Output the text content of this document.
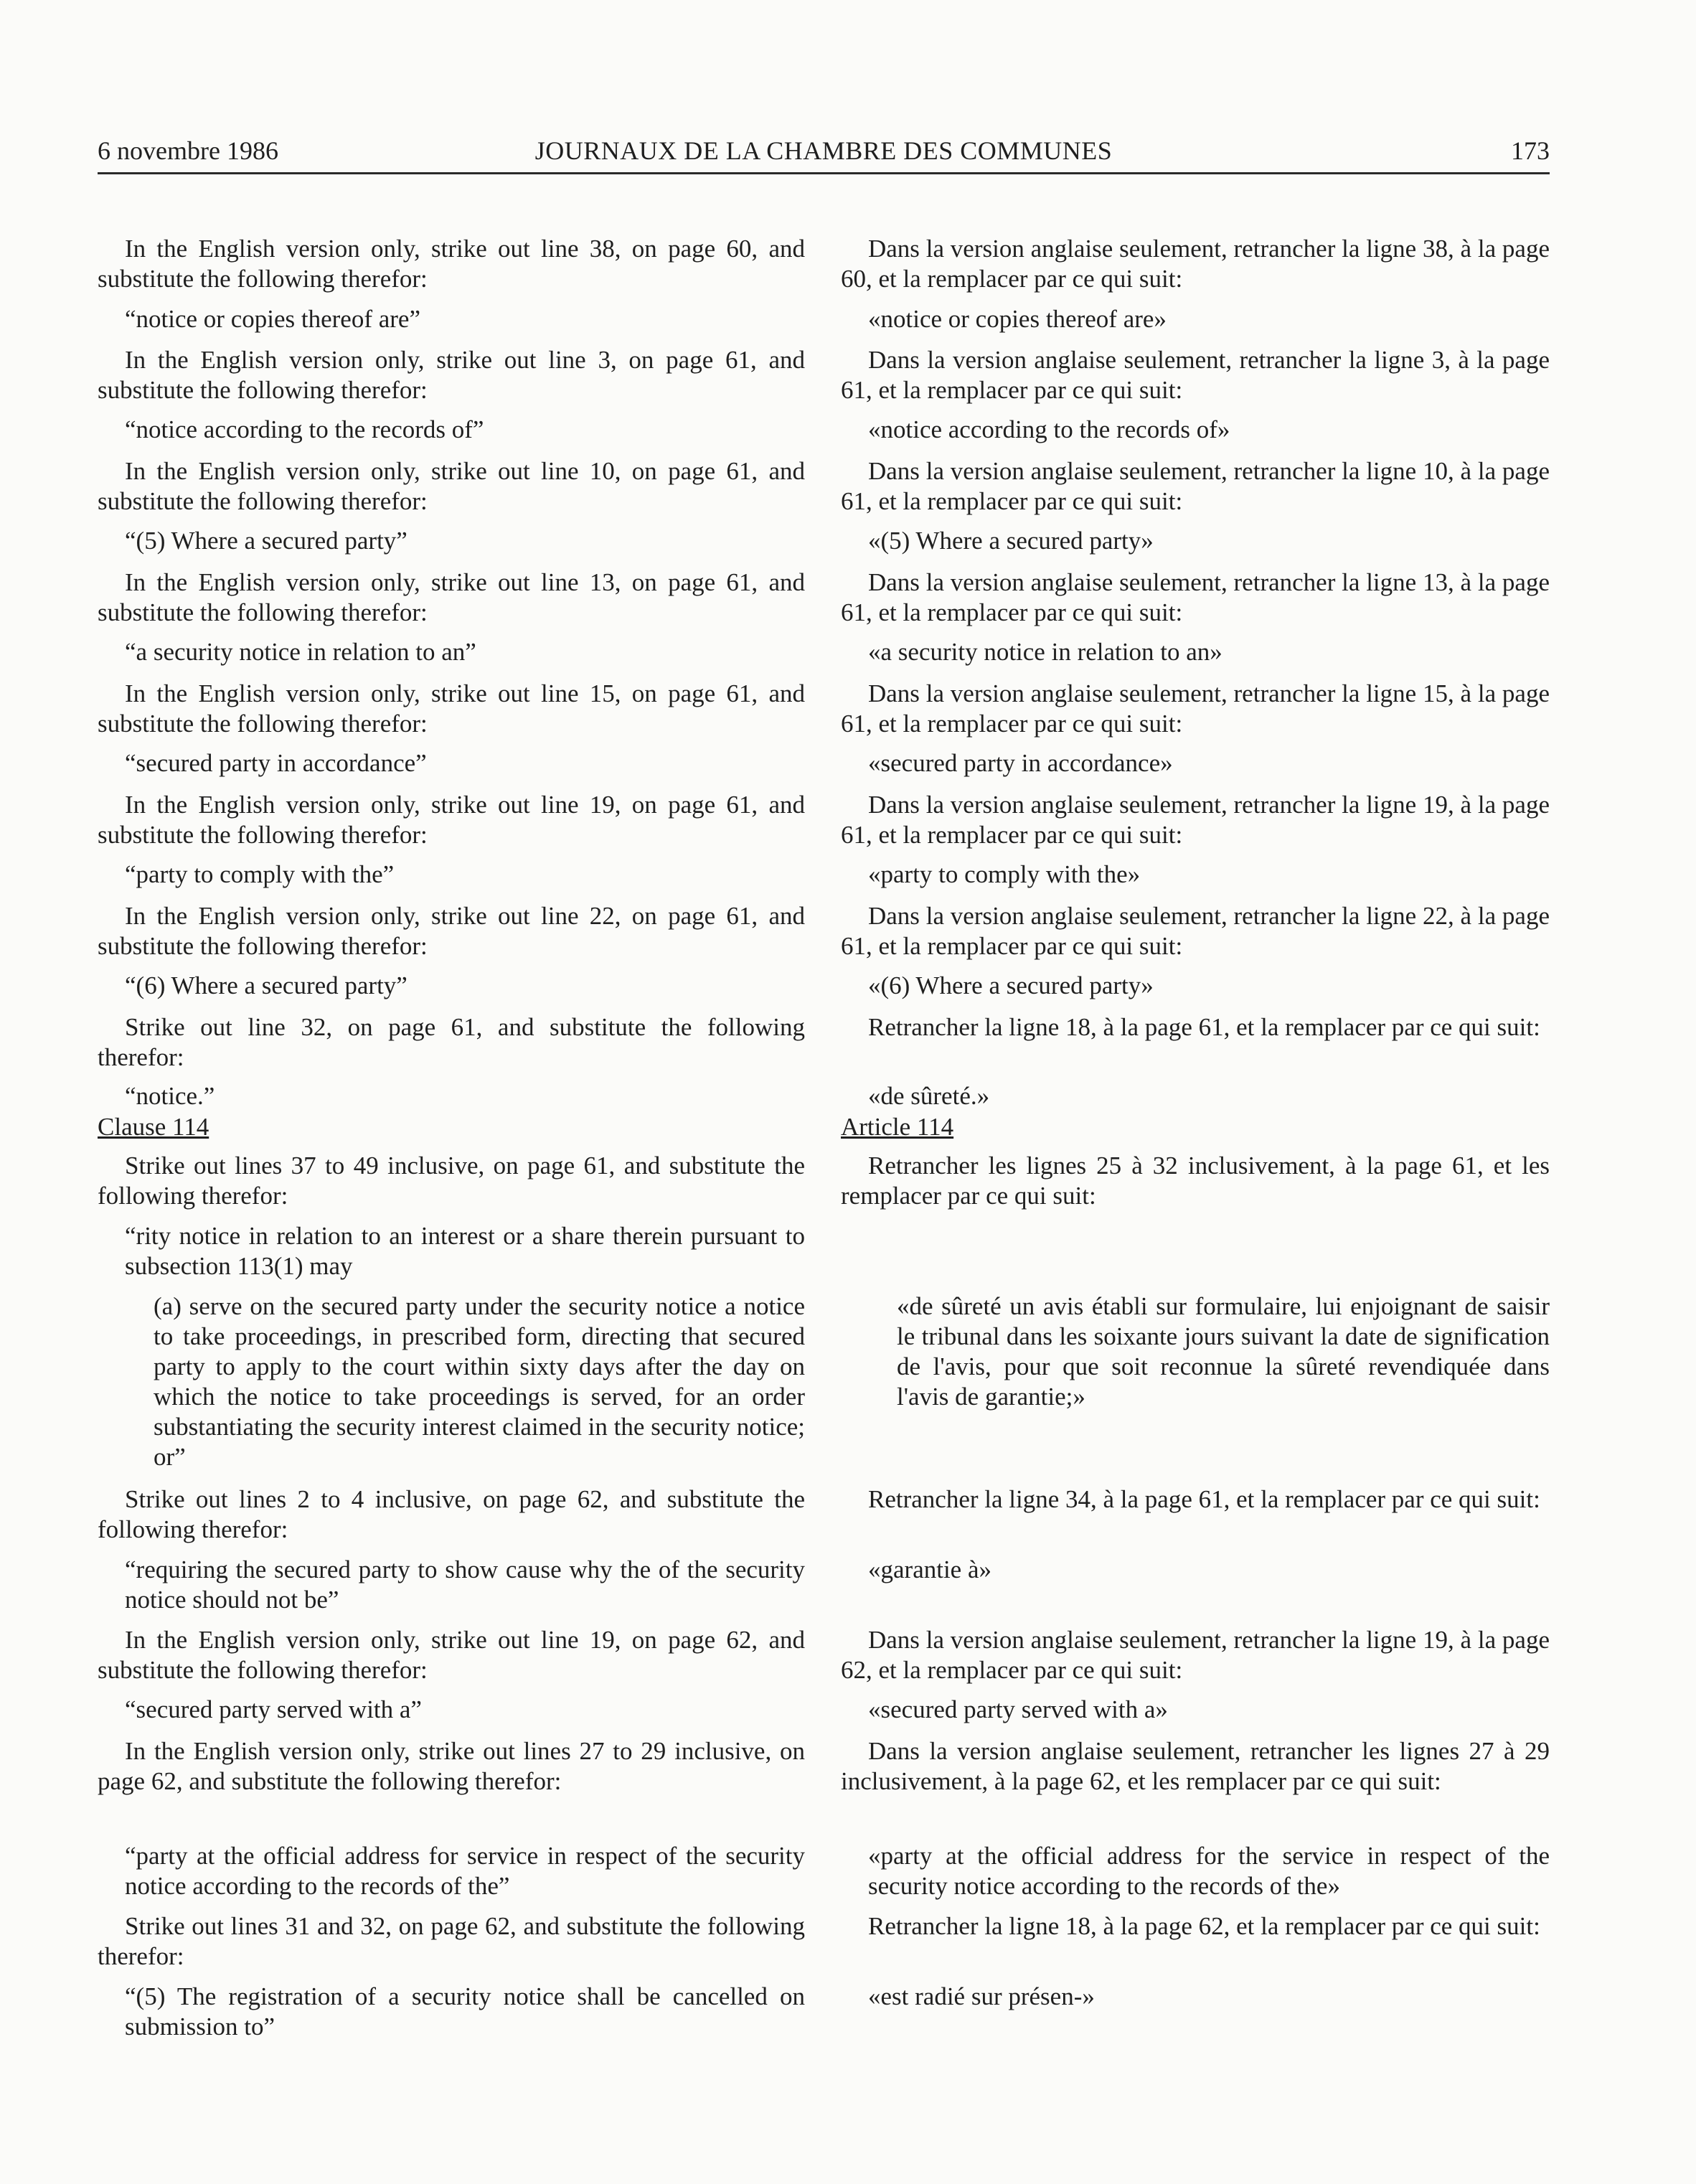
6 novembre 1986	JOURNAUX DE LA CHAMBRE DES COMMUNES	173
In the English version only, strike out line 38, on page 60, and substitute the following therefor:
“notice or copies thereof are”
In the English version only, strike out line 3, on page 61, and substitute the following therefor:
“notice according to the records of”
In the English version only, strike out line 10, on page 61, and substitute the following therefor:
“(5) Where a secured party”
In the English version only, strike out line 13, on page 61, and substitute the following therefor:
“a security notice in relation to an”
In the English version only, strike out line 15, on page 61, and substitute the following therefor:
“secured party in accordance”
In the English version only, strike out line 19, on page 61, and substitute the following therefor:
“party to comply with the”
In the English version only, strike out line 22, on page 61, and substitute the following therefor:
“(6) Where a secured party”
Strike out line 32, on page 61, and substitute the following therefor:
“notice.”
Clause 114
Strike out lines 37 to 49 inclusive, on page 61, and substitute the following therefor:
“rity notice in relation to an interest or a share therein pursuant to subsection 113(1) may
(a) serve on the secured party under the security notice a notice to take proceedings, in prescribed form, directing that secured party to apply to the court within sixty days after the day on which the notice to take proceedings is served, for an order substantiating the security interest claimed in the security notice; or”
Strike out lines 2 to 4 inclusive, on page 62, and substitute the following therefor:
“requiring the secured party to show cause why the of the security notice should not be”
In the English version only, strike out line 19, on page 62, and substitute the following therefor:
“secured party served with a”
In the English version only, strike out lines 27 to 29 inclusive, on page 62, and substitute the following therefor:
“party at the official address for service in respect of the security notice according to the records of the”
Strike out lines 31 and 32, on page 62, and substitute the following therefor:
“(5) The registration of a security notice shall be cancelled on submission to”
Dans la version anglaise seulement, retrancher la ligne 38, à la page 60, et la remplacer par ce qui suit:
«notice or copies thereof are»
Dans la version anglaise seulement, retrancher la ligne 3, à la page 61, et la remplacer par ce qui suit:
«notice according to the records of»
Dans la version anglaise seulement, retrancher la ligne 10, à la page 61, et la remplacer par ce qui suit:
«(5) Where a secured party»
Dans la version anglaise seulement, retrancher la ligne 13, à la page 61, et la remplacer par ce qui suit:
«a security notice in relation to an»
Dans la version anglaise seulement, retrancher la ligne 15, à la page 61, et la remplacer par ce qui suit:
«secured party in accordance»
Dans la version anglaise seulement, retrancher la ligne 19, à la page 61, et la remplacer par ce qui suit:
«party to comply with the»
Dans la version anglaise seulement, retrancher la ligne 22, à la page 61, et la remplacer par ce qui suit:
«(6) Where a secured party»
Retrancher la ligne 18, à la page 61, et la remplacer par ce qui suit:
«de sûreté.»
Article 114
Retrancher les lignes 25 à 32 inclusivement, à la page 61, et les remplacer par ce qui suit:
«de sûreté un avis établi sur formulaire, lui enjoignant de saisir le tribunal dans les soixante jours suivant la date de signification de l'avis, pour que soit reconnue la sûreté revendiquée dans l'avis de garantie;»
Retrancher la ligne 34, à la page 61, et la remplacer par ce qui suit:
«garantie à»
Dans la version anglaise seulement, retrancher la ligne 19, à la page 62, et la remplacer par ce qui suit:
«secured party served with a»
Dans la version anglaise seulement, retrancher les lignes 27 à 29 inclusivement, à la page 62, et les remplacer par ce qui suit:
«party at the official address for the service in respect of the security notice according to the records of the»
Retrancher la ligne 18, à la page 62, et la remplacer par ce qui suit:
«est radié sur présen-»
